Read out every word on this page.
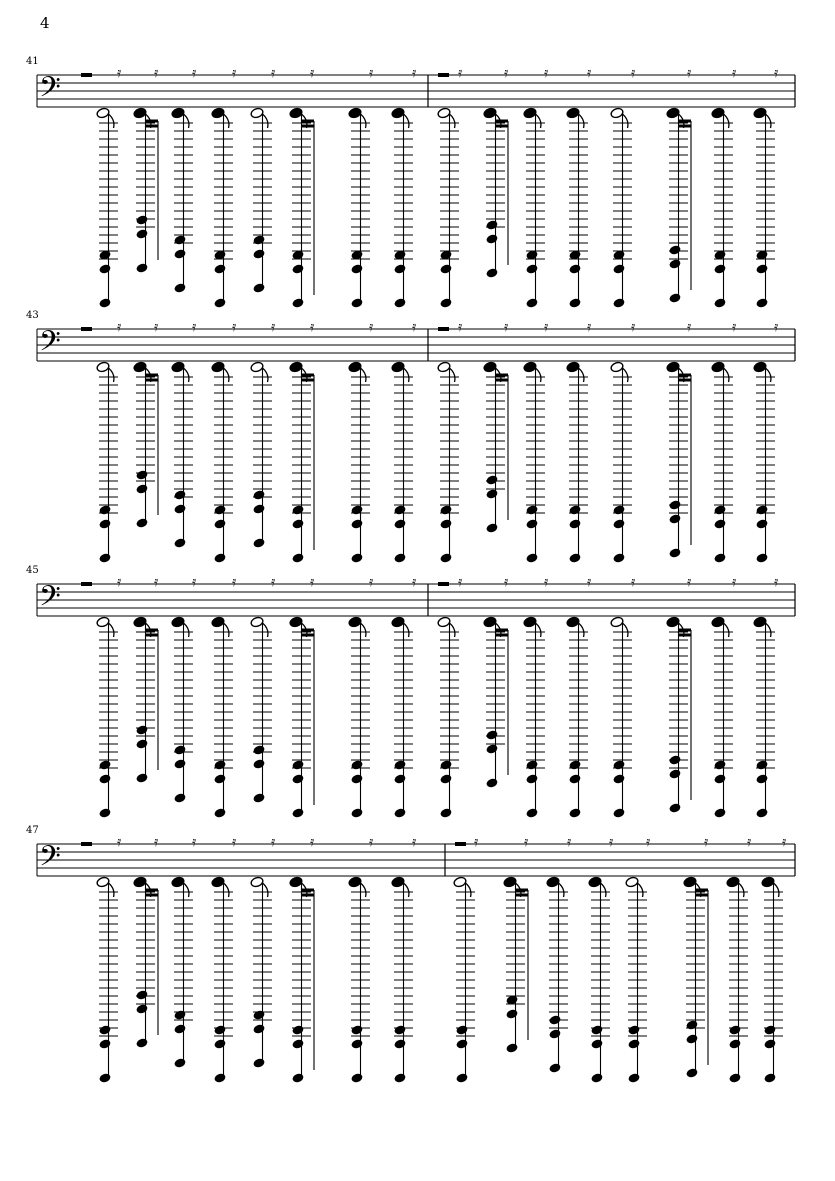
4
41
43
45
47
𝄢	𝄿 𝄿 𝄿	𝄿 𝄿 𝄿	𝄿	𝄿	𝄿	𝄿	𝄿	𝄿	𝄿	𝄿	𝄿	𝄿
𝄢	𝄿 𝄿 𝄿	𝄿 𝄿 𝄿	𝄿	𝄿	𝄿	𝄿	𝄿	𝄿	𝄿	𝄿	𝄿	𝄿
𝄢	𝄿 𝄿 𝄿	𝄿 𝄿 𝄿	𝄿	𝄿	𝄿	𝄿	𝄿	𝄿	𝄿	𝄿	𝄿	𝄿
𝄢	𝄿 𝄿 𝄿	𝄿 𝄿 𝄿	𝄿	𝄿	𝄿	𝄿	𝄿	𝄿 𝄿	𝄿	𝄿 𝄿
